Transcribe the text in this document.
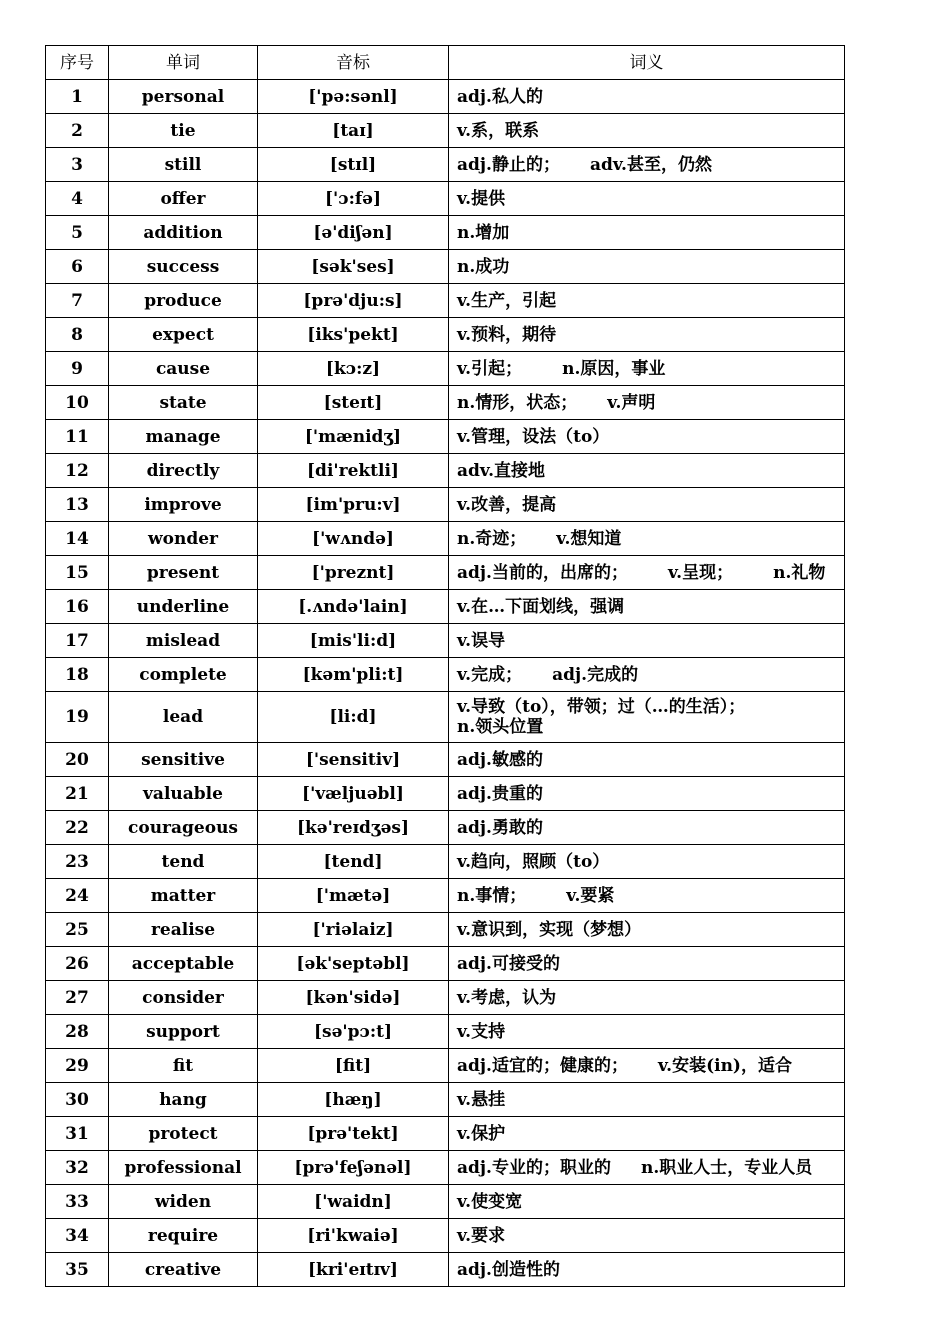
序号	单词	音标	词义
1	personal	['pə:sənl]	adj.私人的
2	tie	[taɪ]	v.系，联系
3	still	[stɪl]	adj.静止的； adv.甚至，仍然
4	offer	['ɔ:fə]	v.提供
5	addition	[ə'diʃən]	n.增加
6	success	[sək'ses]	n.成功
7	produce	[prə'dju:s]	v.生产，引起
8	expect	[iks'pekt]	v.预料，期待
9	cause	[kɔ:z]	v.引起； n.原因，事业
10	state	[steɪt]	n.情形，状态； v.声明
11	manage	['mænidʒ]	v.管理，设法（to）
12	directly	[di'rektli]	adv.直接地
13	improve	[im'pru:v]	v.改善，提高
14	wonder	['wʌndə]	n.奇迹； v.想知道
15	present	['preznt]	adj.当前的，出席的； v.呈现； n.礼物
16	underline	[.ʌndə'lain]	v.在…下面划线，强调
17	mislead	[mis'li:d]	v.误导
18	complete	[kəm'pli:t]	v.完成； adj.完成的
19	lead	[li:d]	v.导致（to），带领；过（…的生活）；
n.领头位置
20	sensitive	['sensitiv]	adj.敏感的
21	valuable	['væljuəbl]	adj.贵重的
22	courageous	[kə'reɪdʒəs]	adj.勇敢的
23	tend	[tend]	v.趋向，照顾（to）
24	matter	['mætə]	n.事情； v.要紧
25	realise	['riəlaiz]	v.意识到，实现（梦想）
26	acceptable	[ək'septəbl]	adj.可接受的
27	consider	[kən'sidə]	v.考虑，认为
28	support	[sə'pɔ:t]	v.支持
29	fit	[fit]	adj.适宜的；健康的； v.安装(in)，适合
30	hang	[hæŋ]	v.悬挂
31	protect	[prə'tekt]	v.保护
32	professional	[prə'feʃənəl]	adj.专业的；职业的 n.职业人士，专业人员
33	widen	['waidn]	v.使变宽
34	require	[ri'kwaiə]	v.要求
35	creative	[kri'eɪtɪv]	adj.创造性的
